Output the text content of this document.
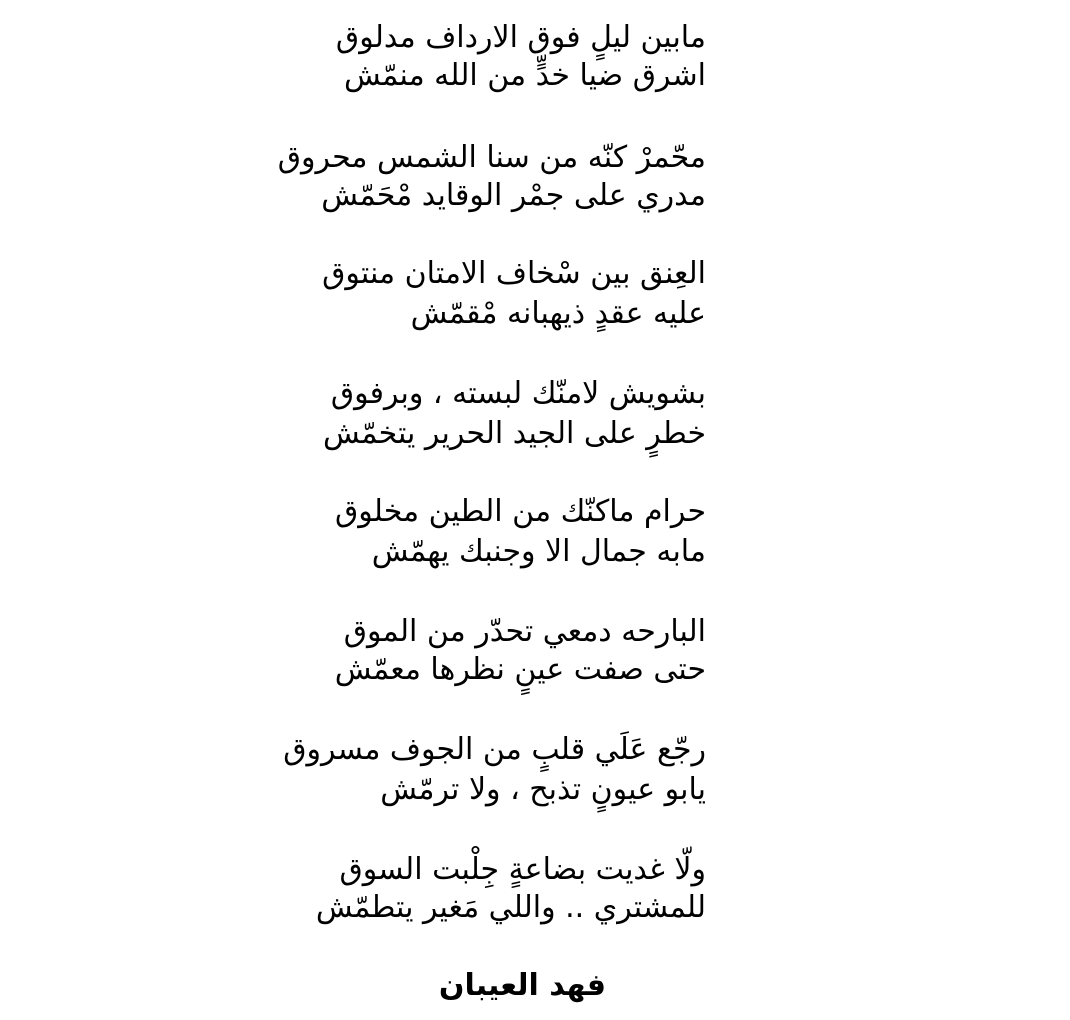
مابين ليلٍ فوق الارداف مدلوق
اشرق ضيا خدٍّ من الله منمّش
محّمرْ كنّه من سنا الشمس محروق
مدري على جمْر الوقايد مْحَمّش
العِنق بين سْخاف الامتان منتوق
عليه عقدٍ ذيهبانه مْقمّش
بشويش لامنّك لبسته ، وبرفوق
خطرٍ على الجيد الحرير يتخمّش
حرام ماكنّك من الطين مخلوق
مابه جمال الا وجنبك يهمّش
البارحه دمعي تحدّر من الموق
حتى صفت عينٍ نظرها معمّش
رجّع عَلَي قلبٍ من الجوف مسروق
يابو عيونٍ تذبح ، ولا ترمّش
ولّا غديت بضاعةٍ جِلْبت السوق
للمشتري .. واللي مَغير يتطمّش
فهد العيبان
